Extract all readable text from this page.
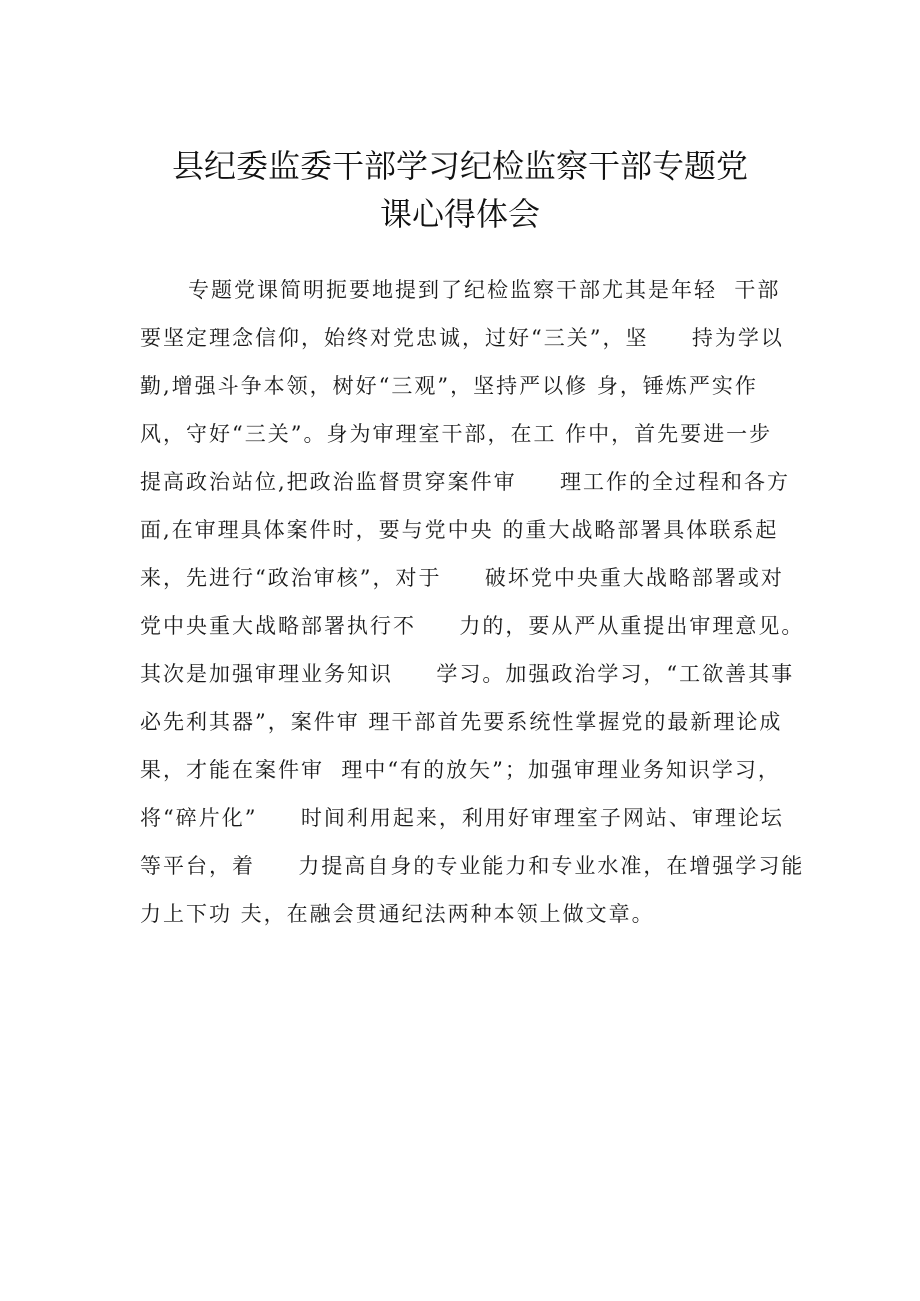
县纪委监委干部学习纪检监察干部专题党
课心得体会
专题党课简明扼要地提到了纪检监察干部尤其是年轻  干部
要坚定理念信仰，始终对党忠诚，过好“三关”，坚     持为学以
勤,增强斗争本领，树好“三观”，坚持严以修 身，锤炼严实作
风，守好“三关”。身为审理室干部，在工 作中，首先要进一步
提高政治站位,把政治监督贯穿案件审     理工作的全过程和各方
面,在审理具体案件时，要与党中央 的重大战略部署具体联系起
来，先进行“政治审核”，对于     破坏党中央重大战略部署或对
党中央重大战略部署执行不     力的，要从严从重提出审理意见。
其次是加强审理业务知识     学习。加强政治学习，“工欲善其事
必先利其器”，案件审 理干部首先要系统性掌握党的最新理论成
果，才能在案件审  理中“有的放矢”；加强审理业务知识学习，
将“碎片化”     时间利用起来，利用好审理室子网站、审理论坛
等平台，着     力提高自身的专业能力和专业水准，在增强学习能
力上下功 夫，在融会贯通纪法两种本领上做文章。
